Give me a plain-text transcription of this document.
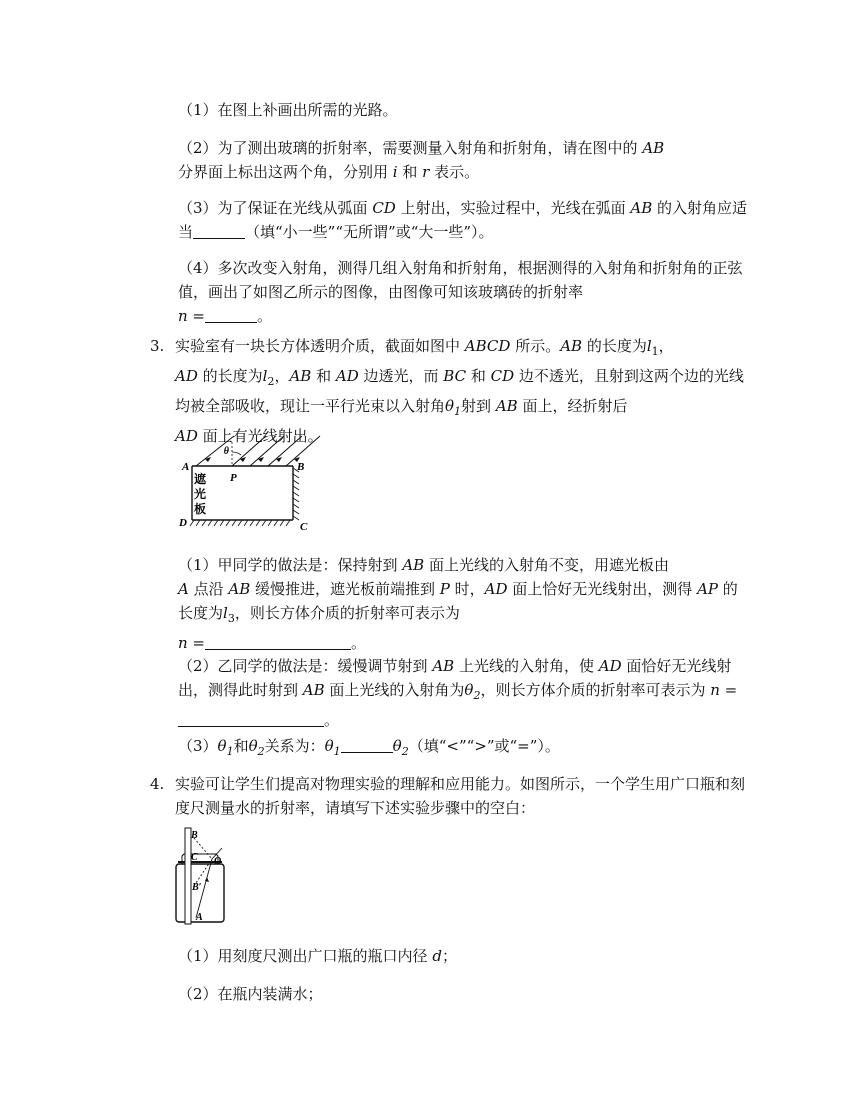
（1）在图上补画出所需的光路。
（2）为了测出玻璃的折射率，需要测量入射角和折射角，请在图中的 AB
分界面上标出这两个角，分别用 i 和 r 表示。
（3）为了保证在光线从弧面 CD 上射出，实验过程中，光线在弧面 AB 的入射角应适当	（填“小一些”“无所谓”或“大一些”）。
（4）多次改变入射角，测得几组入射角和折射角，根据测得的入射角和折射角的正弦值，画出了如图乙所示的图像，由图像可知该玻璃砖的折射率
n =	。
3. 实验室有一块长方体透明介质，截面如图中 ABCD 所示。AB 的长度为$l_1$，
AD 的长度为$l_2$，AB 和 AD 边透光，而 BC 和 CD 边不透光，且射到这两个边的光线均被全部吸收，现让一平行光束以入射角$\theta_1$射到 AB 面上，经折射后
AD 面上有光线射出。
θ
A	B
C
D
P
遮
光
板
（1）甲同学的做法是：保持射到 AB 面上光线的入射角不变，用遮光板由
A 点沿 AB 缓慢推进，遮光板前端推到 P 时，AD 面上恰好无光线射出，测得 AP 的长度为$l_3$，则长方体介质的折射率可表示为
n =	。
（2）乙同学的做法是：缓慢调节射到 AB 上光线的入射角，使 AD 面恰好无光线射出，测得此时射到 AB 面上光线的入射角为$\theta_2$，则长方体介质的折射率可表示为 n =。
$(3)\theta_1$和$\theta_2$关系为：$\theta_1$	$\theta_2$（填“<”“>”或“=”）。
4. 实验可让学生们提高对物理实验的理解和应用能力。如图所示，一个学生用广口瓶和刻度尺测量水的折射率，请填写下述实验步骤中的空白：
B
C O
B′
A
（1）用刻度尺测出广口瓶的瓶口内径 d；
（2）在瓶内装满水；
